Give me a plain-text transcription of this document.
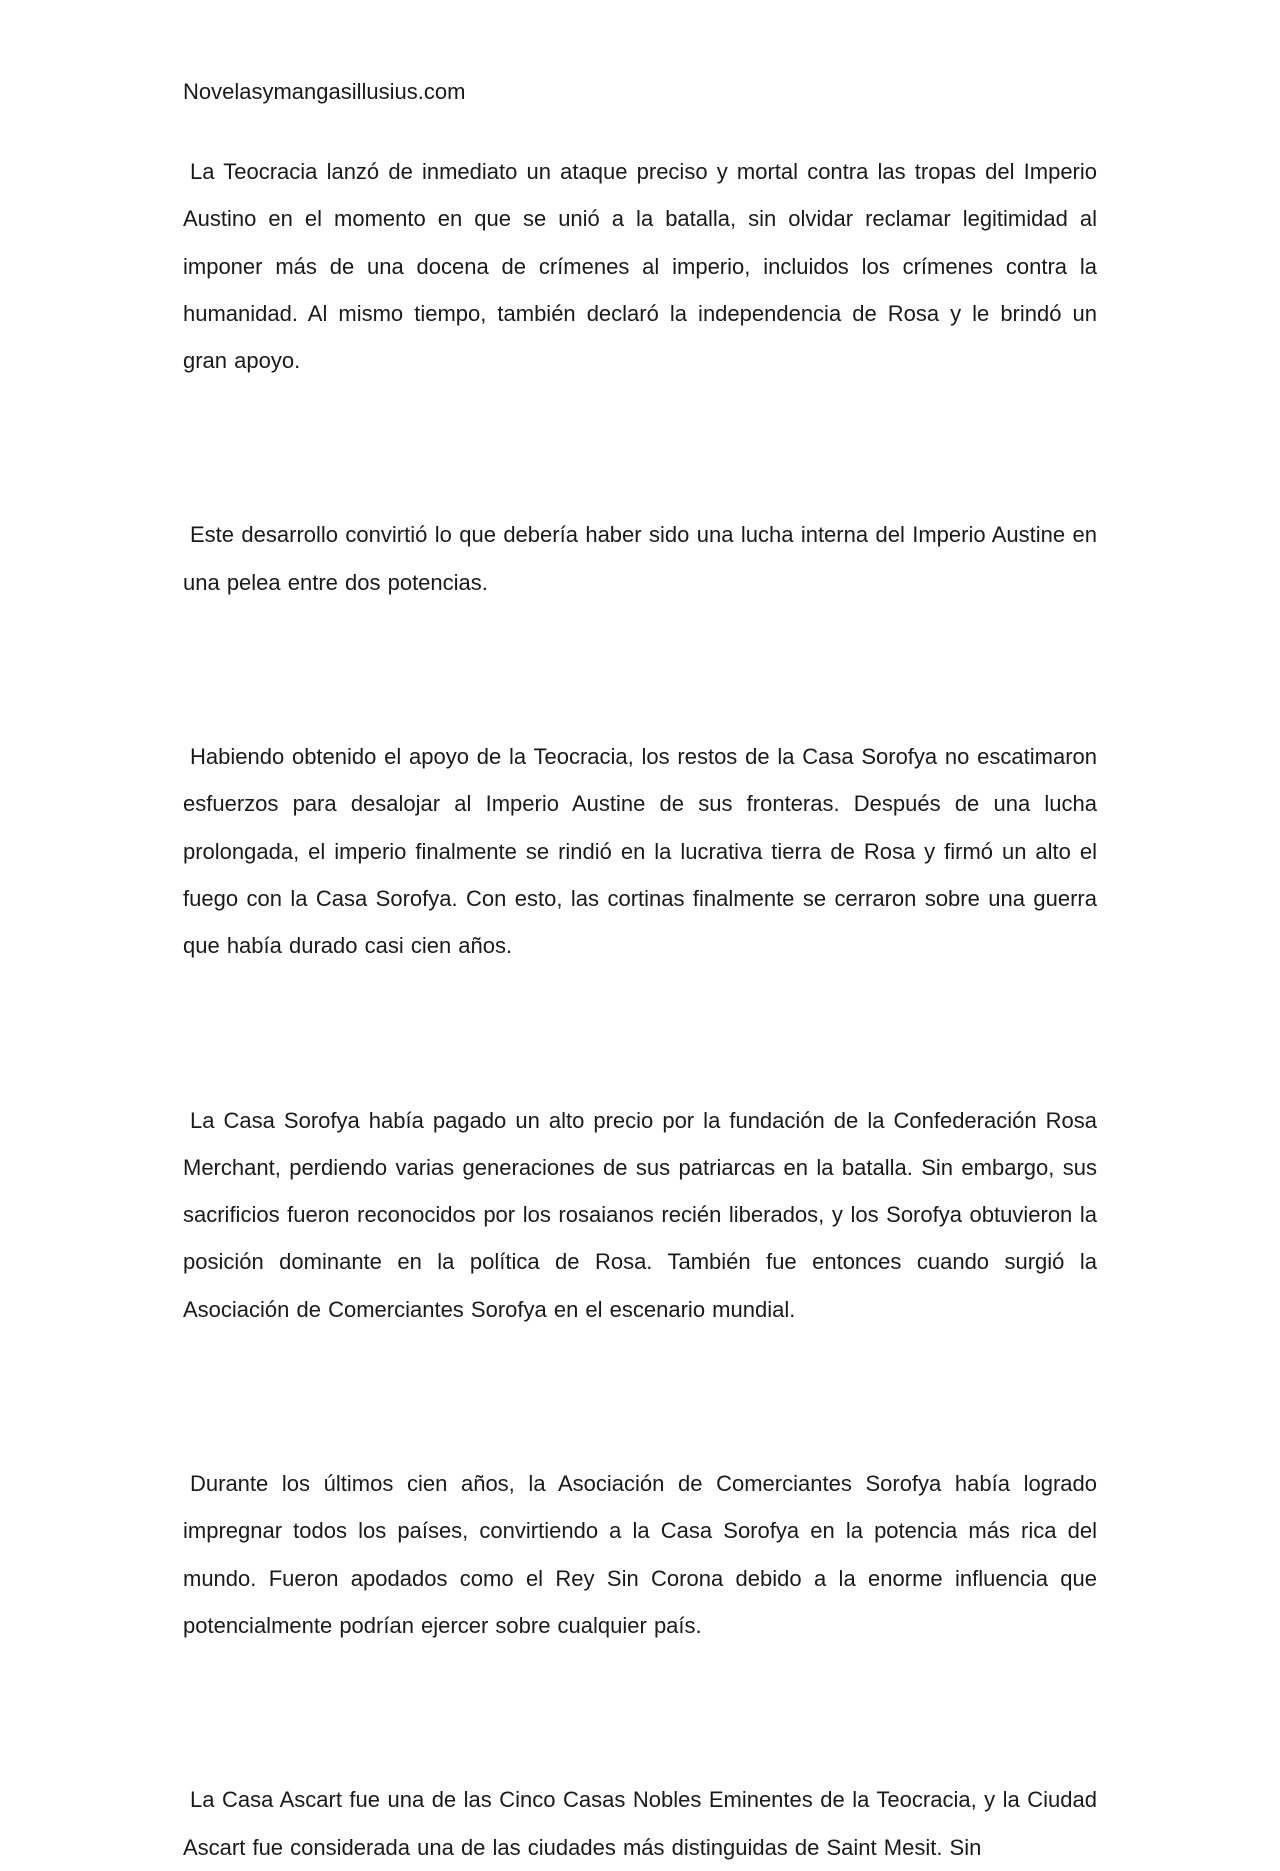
Novelasymangasillusius.com

La Teocracia lanzó de inmediato un ataque preciso y mortal contra las tropas del Imperio Austino en el momento en que se unió a la batalla, sin olvidar reclamar legitimidad al imponer más de una docena de crímenes al imperio, incluidos los crímenes contra la humanidad. Al mismo tiempo, también declaró la independencia de Rosa y le brindó un gran apoyo.

Este desarrollo convirtió lo que debería haber sido una lucha interna del Imperio Austine en una pelea entre dos potencias.

Habiendo obtenido el apoyo de la Teocracia, los restos de la Casa Sorofya no escatimaron esfuerzos para desalojar al Imperio Austine de sus fronteras. Después de una lucha prolongada, el imperio finalmente se rindió en la lucrativa tierra de Rosa y firmó un alto el fuego con la Casa Sorofya. Con esto, las cortinas finalmente se cerraron sobre una guerra que había durado casi cien años.

La Casa Sorofya había pagado un alto precio por la fundación de la Confederación Rosa Merchant, perdiendo varias generaciones de sus patriarcas en la batalla. Sin embargo, sus sacrificios fueron reconocidos por los rosaianos recién liberados, y los Sorofya obtuvieron la posición dominante en la política de Rosa. También fue entonces cuando surgió la Asociación de Comerciantes Sorofya en el escenario mundial.

Durante los últimos cien años, la Asociación de Comerciantes Sorofya había logrado impregnar todos los países, convirtiendo a la Casa Sorofya en la potencia más rica del mundo. Fueron apodados como el Rey Sin Corona debido a la enorme influencia que potencialmente podrían ejercer sobre cualquier país.

La Casa Ascart fue una de las Cinco Casas Nobles Eminentes de la Teocracia, y la Ciudad Ascart fue considerada una de las ciudades más distinguidas de Saint Mesit. Sin
